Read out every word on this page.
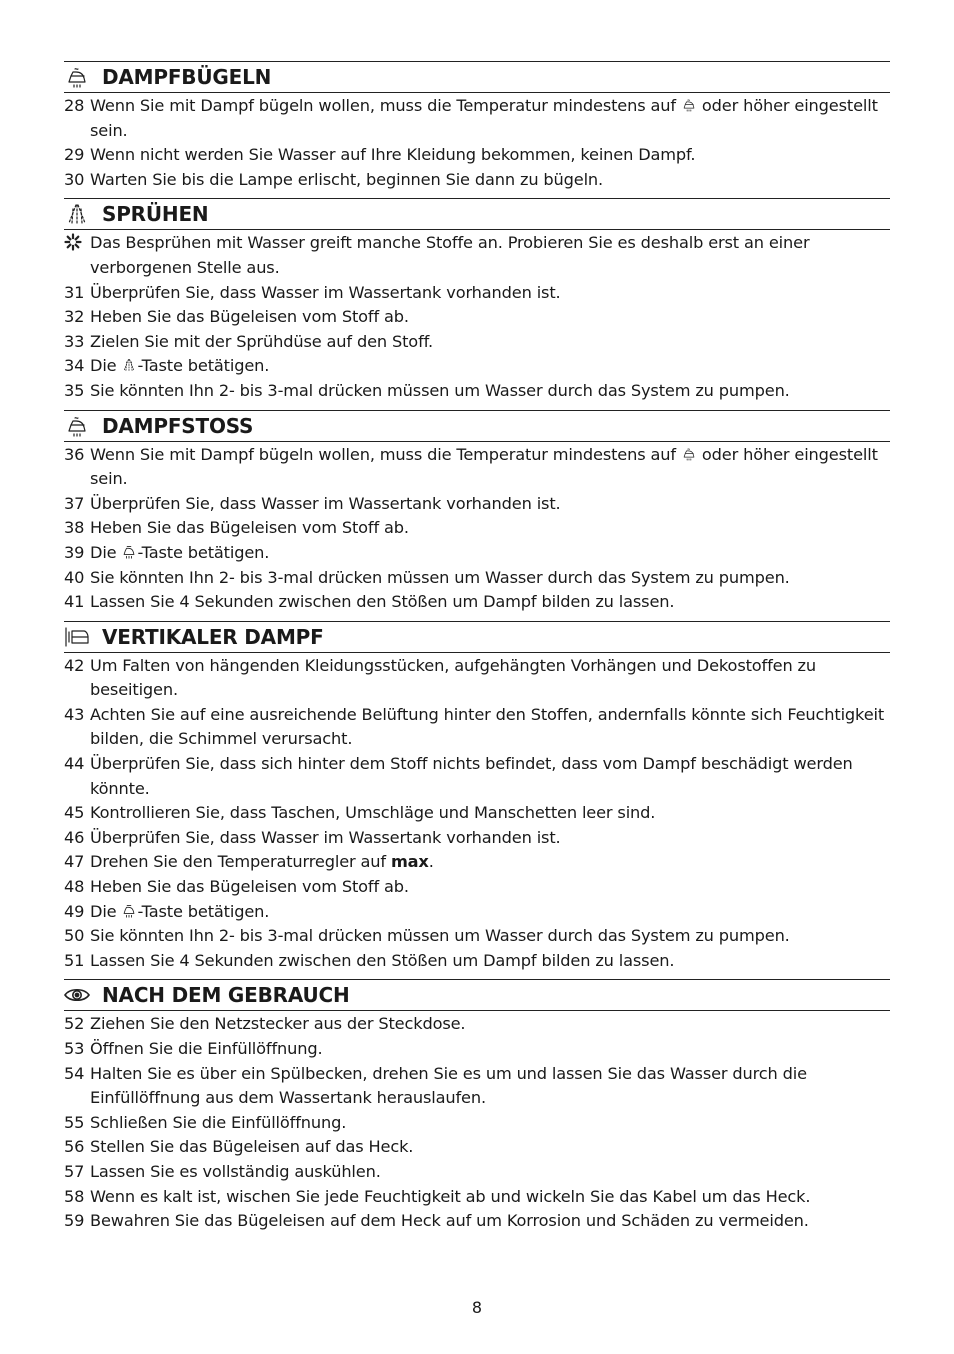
DAMPFBÜGELN
28 Wenn Sie mit Dampf bügeln wollen, muss die Temperatur mindestens auf  oder höher eingestellt sein.
29 Wenn nicht werden Sie Wasser auf Ihre Kleidung bekommen, keinen Dampf.
30 Warten Sie bis die Lampe erlischt, beginnen Sie dann zu bügeln.
SPRÜHEN
Das Besprühen mit Wasser greift manche Stoffe an. Probieren Sie es deshalb erst an einer verborgenen Stelle aus.
31 Überprüfen Sie, dass Wasser im Wassertank vorhanden ist.
32 Heben Sie das Bügeleisen vom Stoff ab.
33 Zielen Sie mit der Sprühdüse auf den Stoff.
34 Die -Taste betätigen.
35 Sie könnten Ihn 2- bis 3-mal drücken müssen um Wasser durch das System zu pumpen.
DAMPFSTOSS
36 Wenn Sie mit Dampf bügeln wollen, muss die Temperatur mindestens auf  oder höher eingestellt sein.
37 Überprüfen Sie, dass Wasser im Wassertank vorhanden ist.
38 Heben Sie das Bügeleisen vom Stoff ab.
39 Die -Taste betätigen.
40 Sie könnten Ihn 2- bis 3-mal drücken müssen um Wasser durch das System zu pumpen.
41 Lassen Sie 4 Sekunden zwischen den Stößen um Dampf bilden zu lassen.
VERTIKALER DAMPF
42 Um Falten von hängenden Kleidungsstücken, aufgehängten Vorhängen und Dekostoffen zu beseitigen.
43 Achten Sie auf eine ausreichende Belüftung hinter den Stoffen, andernfalls könnte sich Feuchtigkeit bilden, die Schimmel verursacht.
44 Überprüfen Sie, dass sich hinter dem Stoff nichts befindet, dass vom Dampf beschädigt werden könnte.
45 Kontrollieren Sie, dass Taschen, Umschläge und Manschetten leer sind.
46 Überprüfen Sie, dass Wasser im Wassertank vorhanden ist.
47 Drehen Sie den Temperaturregler auf max.
48 Heben Sie das Bügeleisen vom Stoff ab.
49 Die -Taste betätigen.
50 Sie könnten Ihn 2- bis 3-mal drücken müssen um Wasser durch das System zu pumpen.
51 Lassen Sie 4 Sekunden zwischen den Stößen um Dampf bilden zu lassen.
NACH DEM GEBRAUCH
52 Ziehen Sie den Netzstecker aus der Steckdose.
53 Öffnen Sie die Einfüllöffnung.
54 Halten Sie es über ein Spülbecken, drehen Sie es um und lassen Sie das Wasser durch die Einfüllöffnung aus dem Wassertank herauslaufen.
55 Schließen Sie die Einfüllöffnung.
56 Stellen Sie das Bügeleisen auf das Heck.
57 Lassen Sie es vollständig auskühlen.
58 Wenn es kalt ist, wischen Sie jede Feuchtigkeit ab und wickeln Sie das Kabel um das Heck.
59 Bewahren Sie das Bügeleisen auf dem Heck auf um Korrosion und Schäden zu vermeiden.
8
